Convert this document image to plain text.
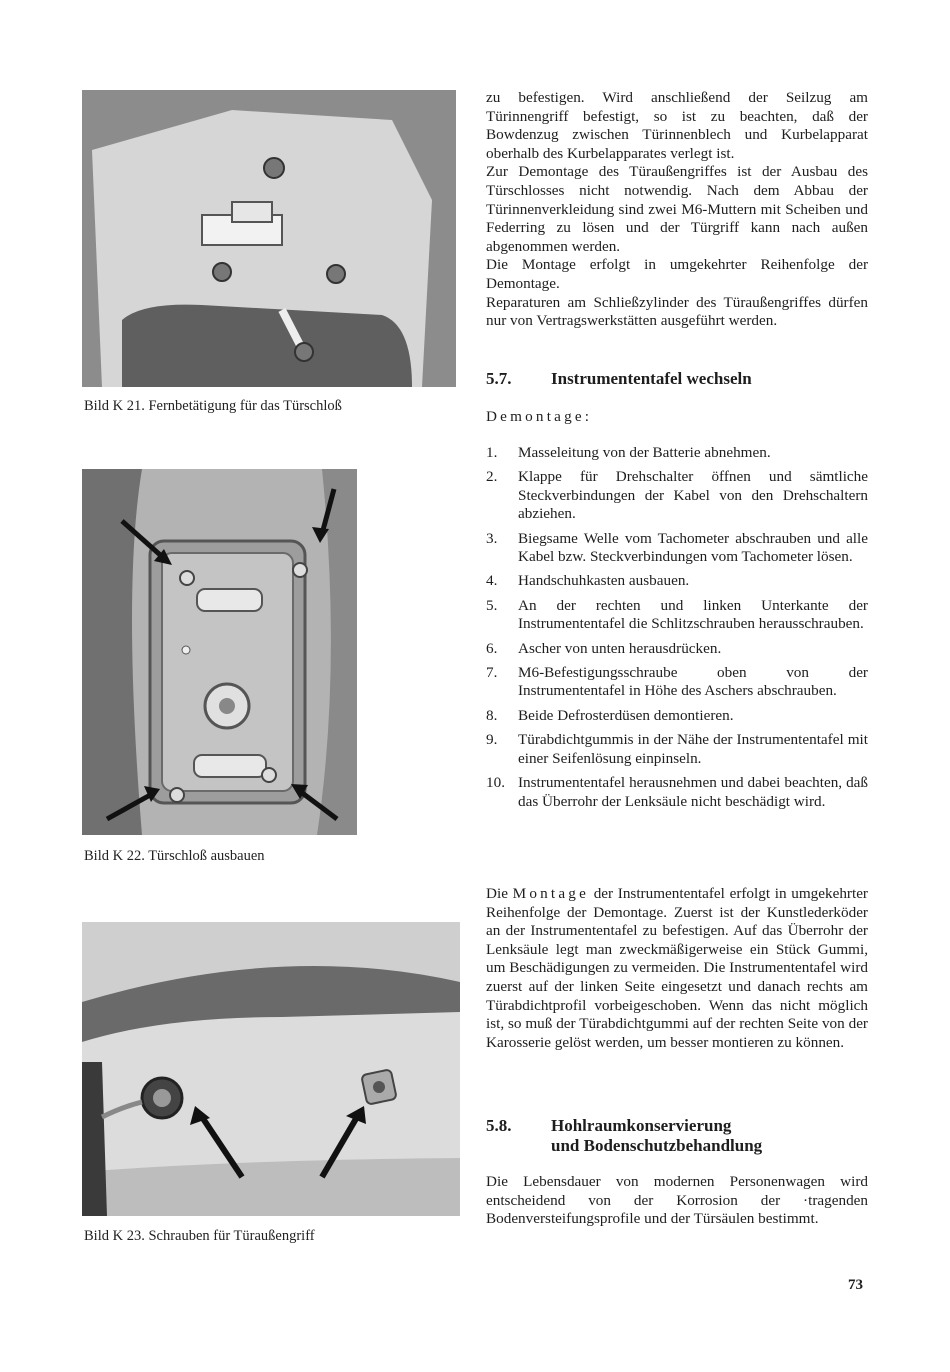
Bild K 21. Fernbetätigung für das Türschloß
Bild K 22. Türschloß ausbauen
Bild K 23. Schrauben für Türaußengriff

zu befestigen. Wird anschließend der Seilzug am Türinnengriff befestigt, so ist zu beachten, daß der Bowdenzug zwischen Türinnenblech und Kurbelapparat oberhalb des Kurbelapparates verlegt ist.

Zur Demontage des Türaußengriffes ist der Ausbau des Türschlosses nicht notwendig. Nach dem Abbau der Türinnenverkleidung sind zwei M6-Muttern mit Scheiben und Federring zu lösen und der Türgriff kann nach außen abgenommen werden.

Die Montage erfolgt in umgekehrter Reihenfolge der Demontage.

Reparaturen am Schließzylinder des Türaußengriffes dürfen nur von Vertragswerkstätten ausgeführt werden.

5.7. Instrumententafel wechseln
Demontage:
1.	Masseleitung von der Batterie abnehmen.
2.	Klappe für Drehschalter öffnen und sämtliche Steckverbindungen der Kabel von den Drehschaltern abziehen.
3.	Biegsame Welle vom Tachometer abschrauben und alle Kabel bzw. Steckverbindungen vom Tachometer lösen.
4.	Handschuhkasten ausbauen.
5.	An der rechten und linken Unterkante der Instrumententafel die Schlitzschrauben herausschrauben.
6.	Ascher von unten herausdrücken.
7.	M6-Befestigungsschraube oben von der Instrumententafel in Höhe des Aschers abschrauben.
8.	Beide Defrosterdüsen demontieren.
9.	Türabdichtgummis in der Nähe der Instrumententafel mit einer Seifenlösung einpinseln.
10. Instrumententafel herausnehmen und dabei beachten, daß das Überrohr der Lenksäule nicht beschädigt wird.

Die Montage der Instrumententafel erfolgt in umgekehrter Reihenfolge der Demontage. Zuerst ist der Kunstlederköder an der Instrumententafel zu befestigen. Auf das Überrohr der Lenksäule legt man zweckmäßigerweise ein Stück Gummi, um Beschädigungen zu vermeiden. Die Instrumententafel wird zuerst auf der linken Seite eingesetzt und danach rechts am Türabdichtprofil vorbeigeschoben. Wenn das nicht möglich ist, so muß der Türabdichtgummi auf der rechten Seite von der Karosserie gelöst werden, um besser montieren zu können.

5.8. Hohlraumkonservierung
und Bodenschutzbehandlung

Die Lebensdauer von modernen Personenwagen wird entscheidend von der Korrosion der ·tragenden Bodenversteifungsprofile und der Türsäulen bestimmt.

73
